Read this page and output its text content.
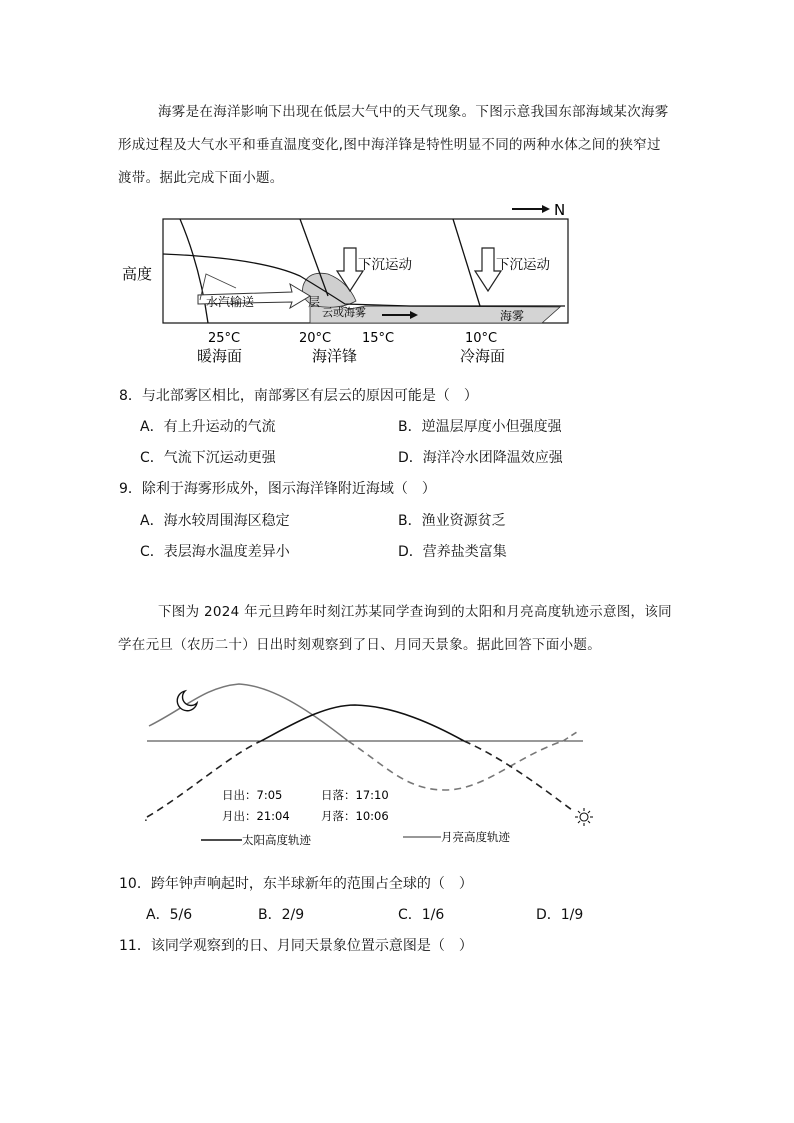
海雾是在海洋影响下出现在低层大气中的天气现象。下图示意我国东部海域某次海雾
形成过程及大气水平和垂直温度变化,图中海洋锋是特性明显不同的两种水体之间的狭窄过
渡带。据此完成下面小题。
N
水汽输送	层
云或海雾	海雾
下沉运动	下沉运动
高度
25°C	20°C 15°C	10°C
暖海面	海洋锋	冷海面
8．与北部雾区相比，南部雾区有层云的原因可能是（　）
A．有上升运动的气流	B．逆温层厚度小但强度强
C．气流下沉运动更强	D．海洋冷水团降温效应强
9．除利于海雾形成外，图示海洋锋附近海域（　）
A．海水较周围海区稳定	B．渔业资源贫乏
C．表层海水温度差异小	D．营养盐类富集
下图为 2024 年元旦跨年时刻江苏某同学查询到的太阳和月亮高度轨迹示意图，该同
学在元旦（农历二十）日出时刻观察到了日、月同天景象。据此回答下面小题。
.
日出：7:05	日落：17:10
月出：21:04	月落：10:06
太阳高度轨迹	月亮高度轨迹
10．跨年钟声响起时，东半球新年的范围占全球的（　）
A．5/6	B．2/9	C．1/6	D．1/9
11．该同学观察到的日、月同天景象位置示意图是（　）
